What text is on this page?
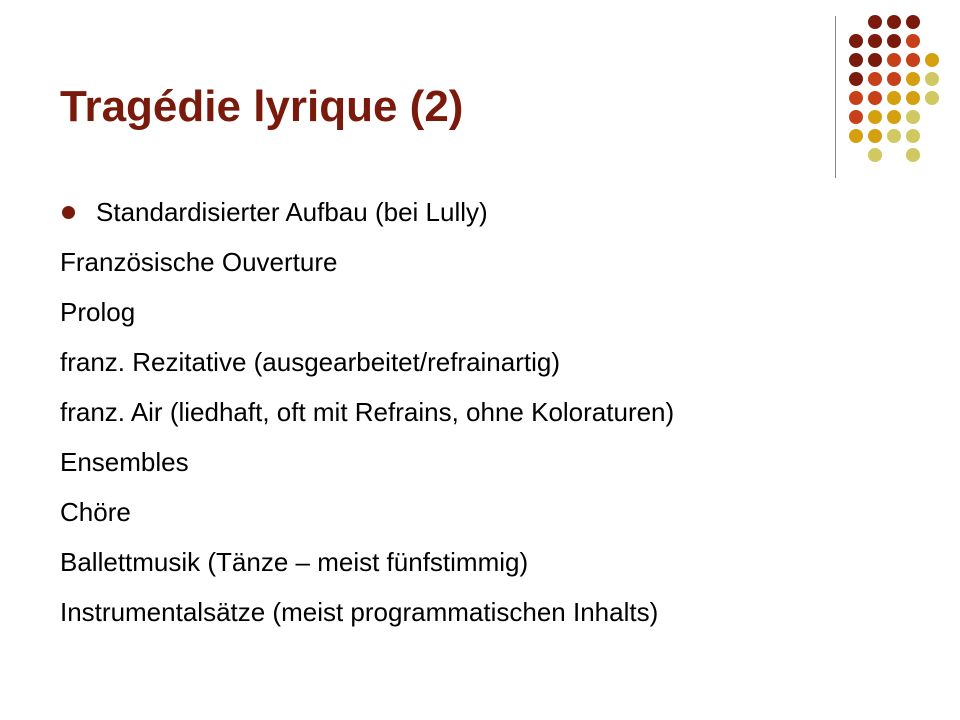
Tragédie lyrique (2)
Standardisierter Aufbau (bei Lully)
Französische Ouverture
Prolog
franz. Rezitative (ausgearbeitet/refrainartig)
franz. Air (liedhaft, oft mit Refrains, ohne Koloraturen)
Ensembles
Chöre
Ballettmusik (Tänze – meist fünfstimmig)
Instrumentalsätze (meist programmatischen Inhalts)
